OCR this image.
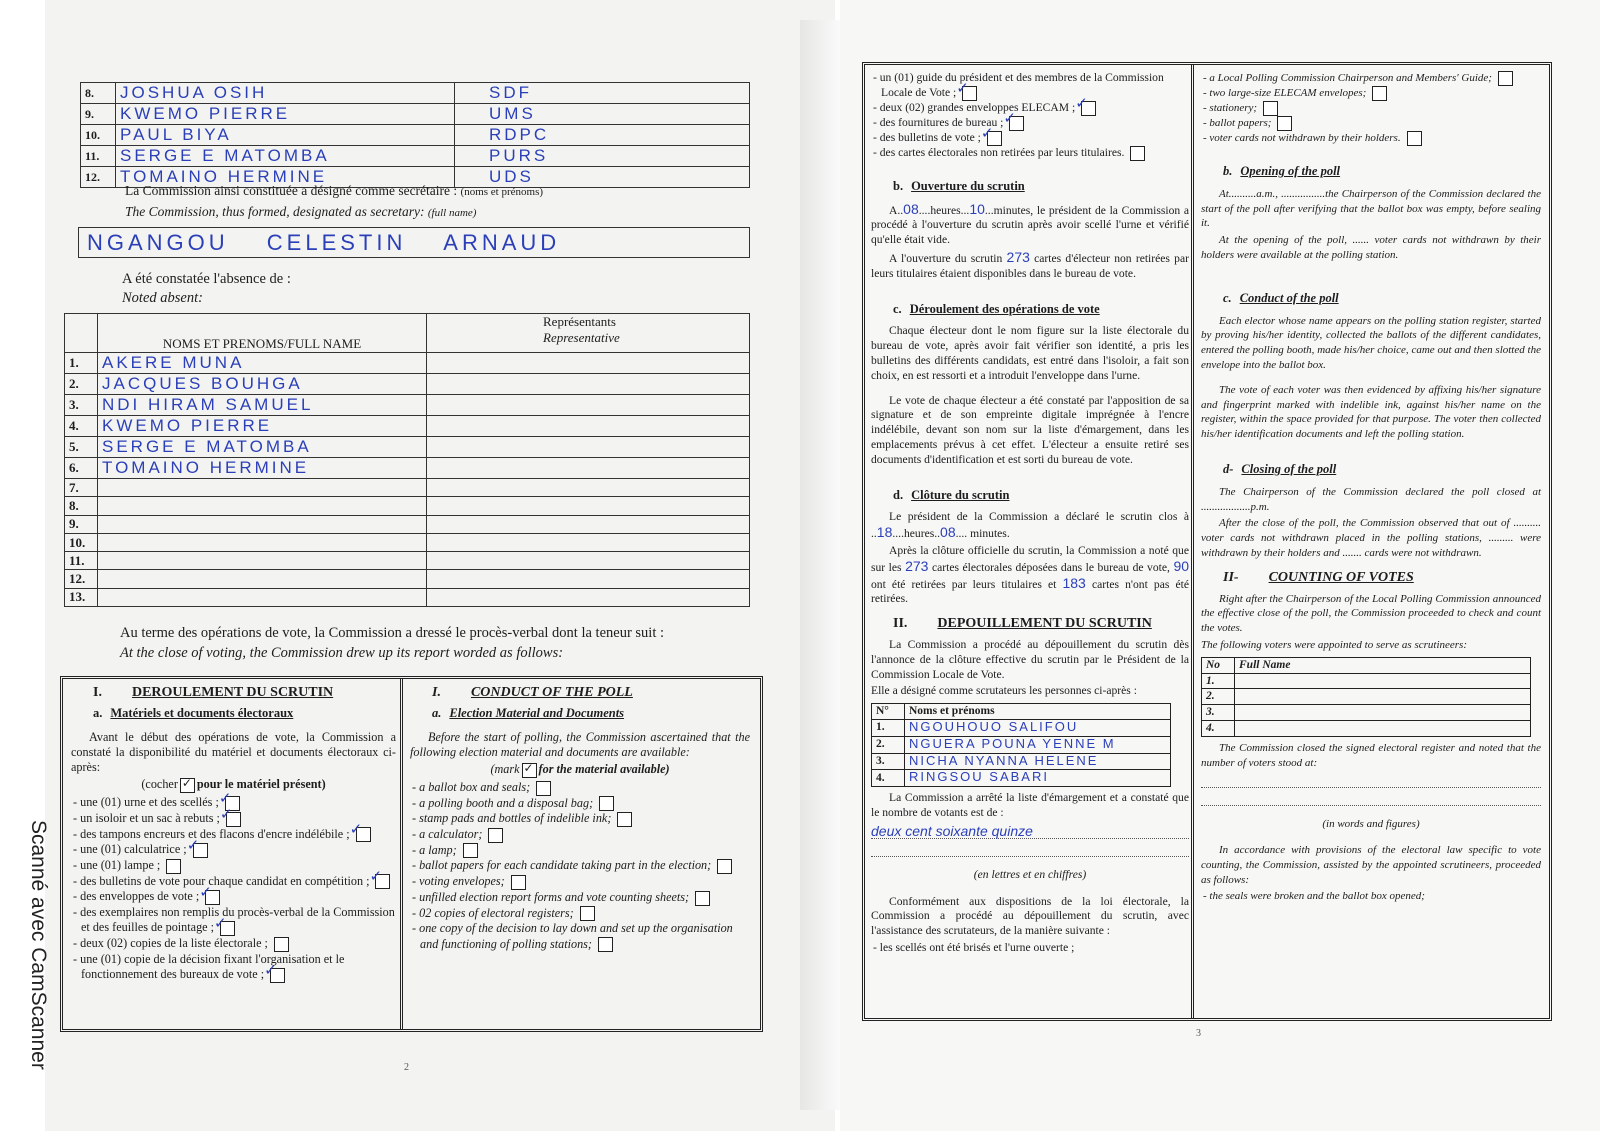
Scanné avec CamScanner
8.	JOSHUA OSIH	SDF
9.	KWEMO PIERRE	UMS
10.	PAUL BIYA	RDPC
11.	SERGE E MATOMBA	PURS
12.	TOMAINO HERMINE	UDS
La Commission ainsi constituée a désigné comme secrétaire : (noms et prénoms)
The Commission, thus formed, designated as secretary: (full name)
NGANGOU CELESTIN ARNAUD
A été constatée l'absence de :
Noted absent:
	NOMS ET PRENOMS/FULL NAME	Représentants
Representative

1.	AKERE MUNA	
2.	JACQUES BOUHGA	
3.	NDI HIRAM SAMUEL	
4.	KWEMO PIERRE	
5.	SERGE E MATOMBA	
6.	TOMAINO HERMINE	
7.		
8.		
9.		
10.		
11.		
12.		
13.		
Au terme des opérations de vote, la Commission a dressé le procès-verbal dont la teneur suit :
At the close of voting, the Commission drew up its report worded as follows:
I. DEROULEMENT DU SCRUTIN
a. Matériels et documents électoraux

Avant le début des opérations de vote, la Commission a constaté la disponibilité du matériel et documents électoraux ci-après:

(cocher ✓ pour le matériel présent)

- une (01) urne et des scellés ;✓

- un isoloir et un sac à rebuts ;✓

- des tampons encreurs et des flacons d'encre indélébile ;✓

- une (01) calculatrice ;✓

- une (01) lampe ;

- des bulletins de vote pour chaque candidat en compétition ;✓

- des enveloppes de vote ;✓

- des exemplaires non remplis du procès-verbal de la Commission et des feuilles de pointage ;✓

- deux (02) copies de la liste électorale ;

- une (01) copie de la décision fixant l'organisation et le fonctionnement des bureaux de vote ;✓

I. CONDUCT OF THE POLL
a. Election Material and Documents

Before the start of polling, the Commission ascertained that the following election material and documents are available:

(mark ✓ for the material available)

- a ballot box and seals;

- a polling booth and a disposal bag;

- stamp pads and bottles of indelible ink;

- a calculator;

- a lamp;

- ballot papers for each candidate taking part in the election;

- voting envelopes;

- unfilled election report forms and vote counting sheets;

- 02 copies of electoral registers;

- one copy of the decision to lay down and set up the organisation and functioning of polling stations;

2

- un (01) guide du président et des membres de la Commission Locale de Vote ;✓

- deux (02) grandes enveloppes ELECAM ;✓

- des fournitures de bureau ;✓

- des bulletins de vote ;✓

- des cartes électorales non retirées par leurs titulaires.

b. Ouverture du scrutin

A..08....heures...10...minutes, le président de la Commission a procédé à l'ouverture du scrutin après avoir scellé l'urne et vérifié qu'elle était vide.

A l'ouverture du scrutin 273 cartes d'électeur non retirées par leurs titulaires étaient disponibles dans le bureau de vote.

c. Déroulement des opérations de vote

Chaque électeur dont le nom figure sur la liste électorale du bureau de vote, après avoir fait vérifier son identité, a pris les bulletins des différents candidats, est entré dans l'isoloir, a fait son choix, en est ressorti et a introduit l'enveloppe dans l'urne.

Le vote de chaque électeur a été constaté par l'apposition de sa signature et de son empreinte digitale imprégnée à l'encre indélébile, devant son nom sur la liste d'émargement, dans les emplacements prévus à cet effet. L'électeur a ensuite retiré ses documents d'identification et est sorti du bureau de vote.

d. Clôture du scrutin

Le président de la Commission a déclaré le scrutin clos à ..18....heures..08.... minutes.

Après la clôture officielle du scrutin, la Commission a noté que sur les 273 cartes électorales déposées dans le bureau de vote, 90 ont été retirées par leurs titulaires et 183 cartes n'ont pas été retirées.

II. DEPOUILLEMENT DU SCRUTIN

La Commission a procédé au dépouillement du scrutin dès l'annonce de la clôture effective du scrutin par le Président de la Commission Locale de Vote.

Elle a désigné comme scrutateurs les personnes ci-après :

N°	Noms et prénoms
1.	NGOUHOUO SALIFOU
2.	NGUERA POUNA YENNE M
3.	NICHA NYANNA HELENE
4.	RINGSOU SABARI

La Commission a arrêté la liste d'émargement et a constaté que le nombre de votants est de :

deux cent soixante quinze

(en lettres et en chiffres)

Conformément aux dispositions de la loi électorale, la Commission a procédé au dépouillement du scrutin, avec l'assistance des scrutateurs, de la manière suivante :

- les scellés ont été brisés et l'urne ouverte ;

- a Local Polling Commission Chairperson and Members' Guide;

- two large-size ELECAM envelopes;

- stationery;

- ballot papers;

- voter cards not withdrawn by their holders.

b. Opening of the poll

At..........a.m., ................the Chairperson of the Commission declared the start of the poll after verifying that the ballot box was empty, before sealing it.

At the opening of the poll, ...... voter cards not withdrawn by their holders were available at the polling station.

c. Conduct of the poll

Each elector whose name appears on the polling station register, started by proving his/her identity, collected the ballots of the different candidates, entered the polling booth, made his/her choice, came out and then slotted the envelope into the ballot box.

The vote of each voter was then evidenced by affixing his/her signature and fingerprint marked with indelible ink, against his/her name on the register, within the space provided for that purpose. The voter then collected his/her identification documents and left the polling station.

d- Closing of the poll

The Chairperson of the Commission declared the poll closed at ..................p.m.

After the close of the poll, the Commission observed that out of .......... voter cards not withdrawn placed in the polling stations, ......... were withdrawn by their holders and ....... cards were not withdrawn.

II- COUNTING OF VOTES

Right after the Chairperson of the Local Polling Commission announced the effective close of the poll, the Commission proceeded to check and count the votes.

The following voters were appointed to serve as scrutineers:

No	Full Name
1.	
2.	
3.	
4.	

The Commission closed the signed electoral register and noted that the number of voters stood at:

(in words and figures)

In accordance with provisions of the electoral law specific to vote counting, the Commission, assisted by the appointed scrutineers, proceeded as follows:

- the seals were broken and the ballot box opened;

3
